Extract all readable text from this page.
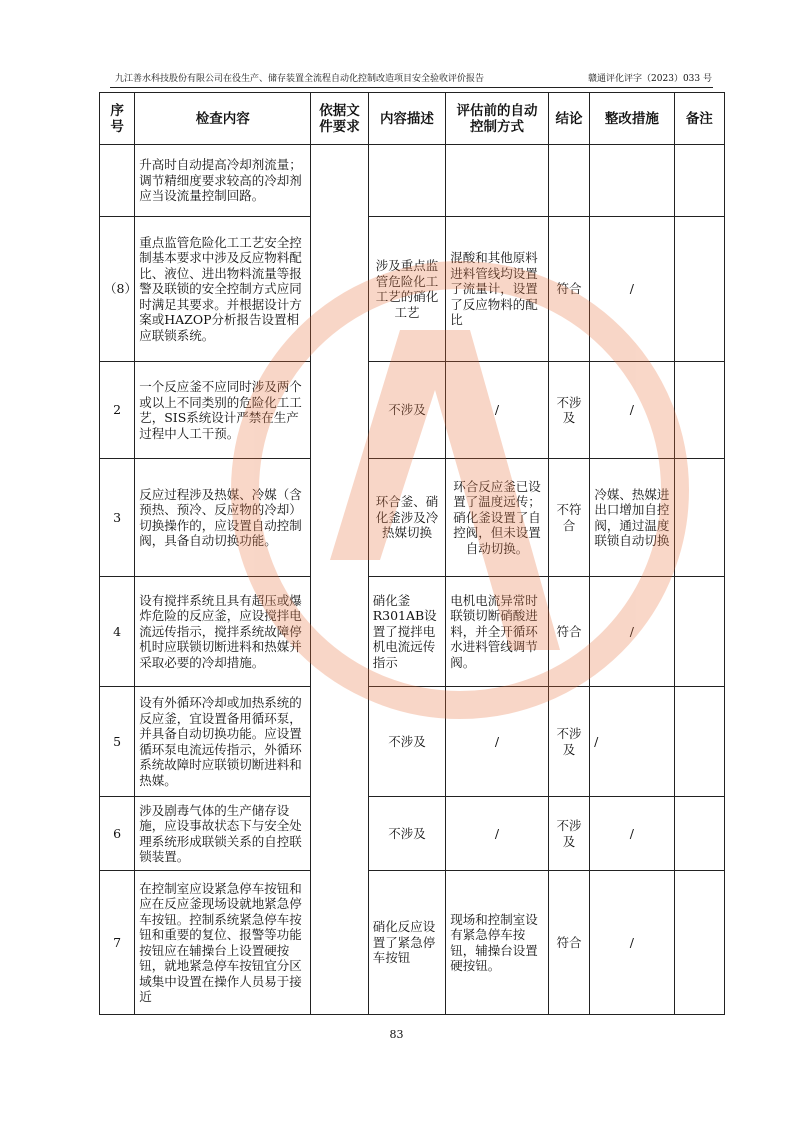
九江善水科技股份有限公司在役生产、储存装置全流程自动化控制改造项目安全验收评价报告	赣通评化评字（2023）033 号
序号	检查内容	依据文件要求	内容描述	评估前的自动控制方式	结论	整改措施	备注
	升高时自动提高冷却剂流量；调节精细度要求较高的冷却剂应当设流量控制回路。						
（8）	重点监管危险化工工艺安全控制基本要求中涉及反应物料配比、液位、进出物料流量等报警及联锁的安全控制方式应同时满足其要求。并根据设计方案或HAZOP分析报告设置相应联锁系统。		涉及重点监管危险化工工艺的硝化工艺	混酸和其他原料进料管线均设置了流量计，设置了反应物料的配比	符合	/	
2	一个反应釜不应同时涉及两个或以上不同类别的危险化工工艺，SIS系统设计严禁在生产过程中人工干预。		不涉及	/	不涉及	/	
3	反应过程涉及热媒、冷媒（含预热、预冷、反应物的冷却）切换操作的，应设置自动控制阀，具备自动切换功能。		环合釜、硝化釜涉及冷热媒切换	环合反应釜已设置了温度远传；硝化釜设置了自控阀，但未设置自动切换。	不符合	冷媒、热媒进出口增加自控阀，通过温度联锁自动切换	
4	设有搅拌系统且具有超压或爆炸危险的反应釜，应设搅拌电流远传指示，搅拌系统故障停机时应联锁切断进料和热媒并采取必要的冷却措施。		硝化釜R301AB设置了搅拌电机电流远传指示	电机电流异常时联锁切断硝酸进料，并全开循环水进料管线调节阀。	符合	/	
5	设有外循环冷却或加热系统的反应釜，宜设置备用循环泵，并具备自动切换功能。应设置循环泵电流远传指示，外循环系统故障时应联锁切断进料和热媒。		不涉及	/	不涉及	/	
6	涉及剧毒气体的生产储存设施，应设事故状态下与安全处理系统形成联锁关系的自控联锁装置。		不涉及	/	不涉及	/	
7	在控制室应设紧急停车按钮和应在反应釜现场设就地紧急停车按钮。控制系统紧急停车按钮和重要的复位、报警等功能按钮应在辅操台上设置硬按钮，就地紧急停车按钮宜分区域集中设置在操作人员易于接近		硝化反应设置了紧急停车按钮	现场和控制室设有紧急停车按钮，辅操台设置硬按钮。	符合	/	
83
